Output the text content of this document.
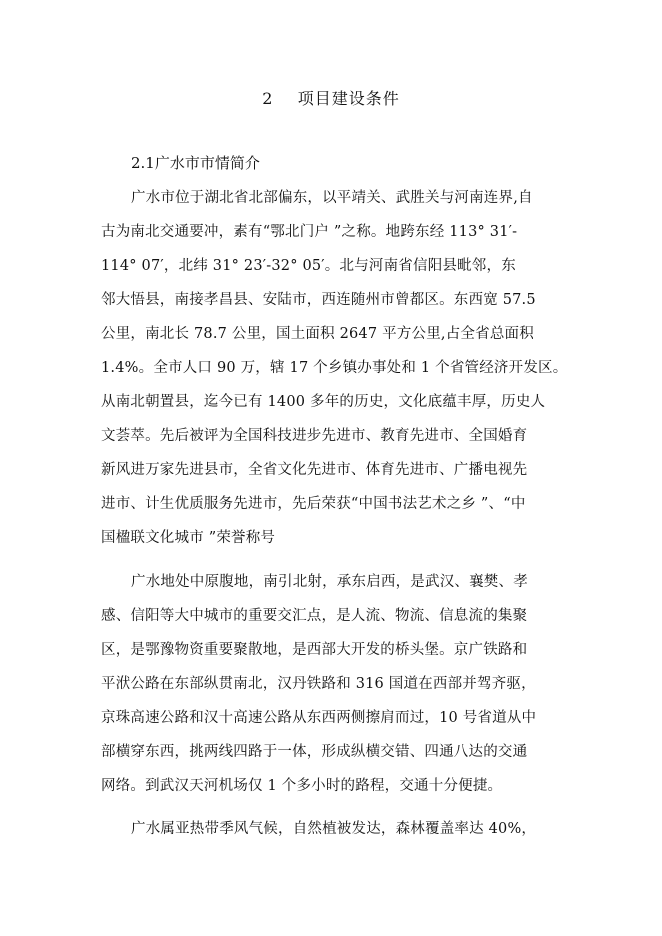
2    项目建设条件
2.1广水市市情简介
广水市位于湖北省北部偏东，以平靖关、武胜关与河南连界,自
古为南北交通要冲，素有“鄂北门户 ”之称。地跨东经 113° 31′-
114° 07′，北纬 31° 23′-32° 05′。北与河南省信阳县毗邻，东
邻大悟县，南接孝昌县、安陆市，西连随州市曾都区。东西宽 57.5
公里，南北长 78.7 公里，国土面积 2647 平方公里,占全省总面积
1.4%。全市人口 90 万，辖 17 个乡镇办事处和 1 个省管经济开发区。
从南北朝置县，迄今已有 1400 多年的历史，文化底蕴丰厚，历史人
文荟萃。先后被评为全国科技进步先进市、教育先进市、全国婚育
新风进万家先进县市，全省文化先进市、体育先进市、广播电视先
进市、计生优质服务先进市，先后荣获“中国书法艺术之乡 ”、“中
国楹联文化城市 ”荣誉称号
广水地处中原腹地，南引北射，承东启西，是武汉、襄樊、孝
感、信阳等大中城市的重要交汇点，是人流、物流、信息流的集聚
区，是鄂豫物资重要聚散地，是西部大开发的桥头堡。京广铁路和
平洑公路在东部纵贯南北，汉丹铁路和 316 国道在西部并驾齐驱，
京珠高速公路和汉十高速公路从东西两侧擦肩而过，10 号省道从中
部横穿东西，挑两线四路于一体，形成纵横交错、四通八达的交通
网络。到武汉天河机场仅 1 个多小时的路程，交通十分便捷。
广水属亚热带季风气候，自然植被发达，森林覆盖率达 40%，
